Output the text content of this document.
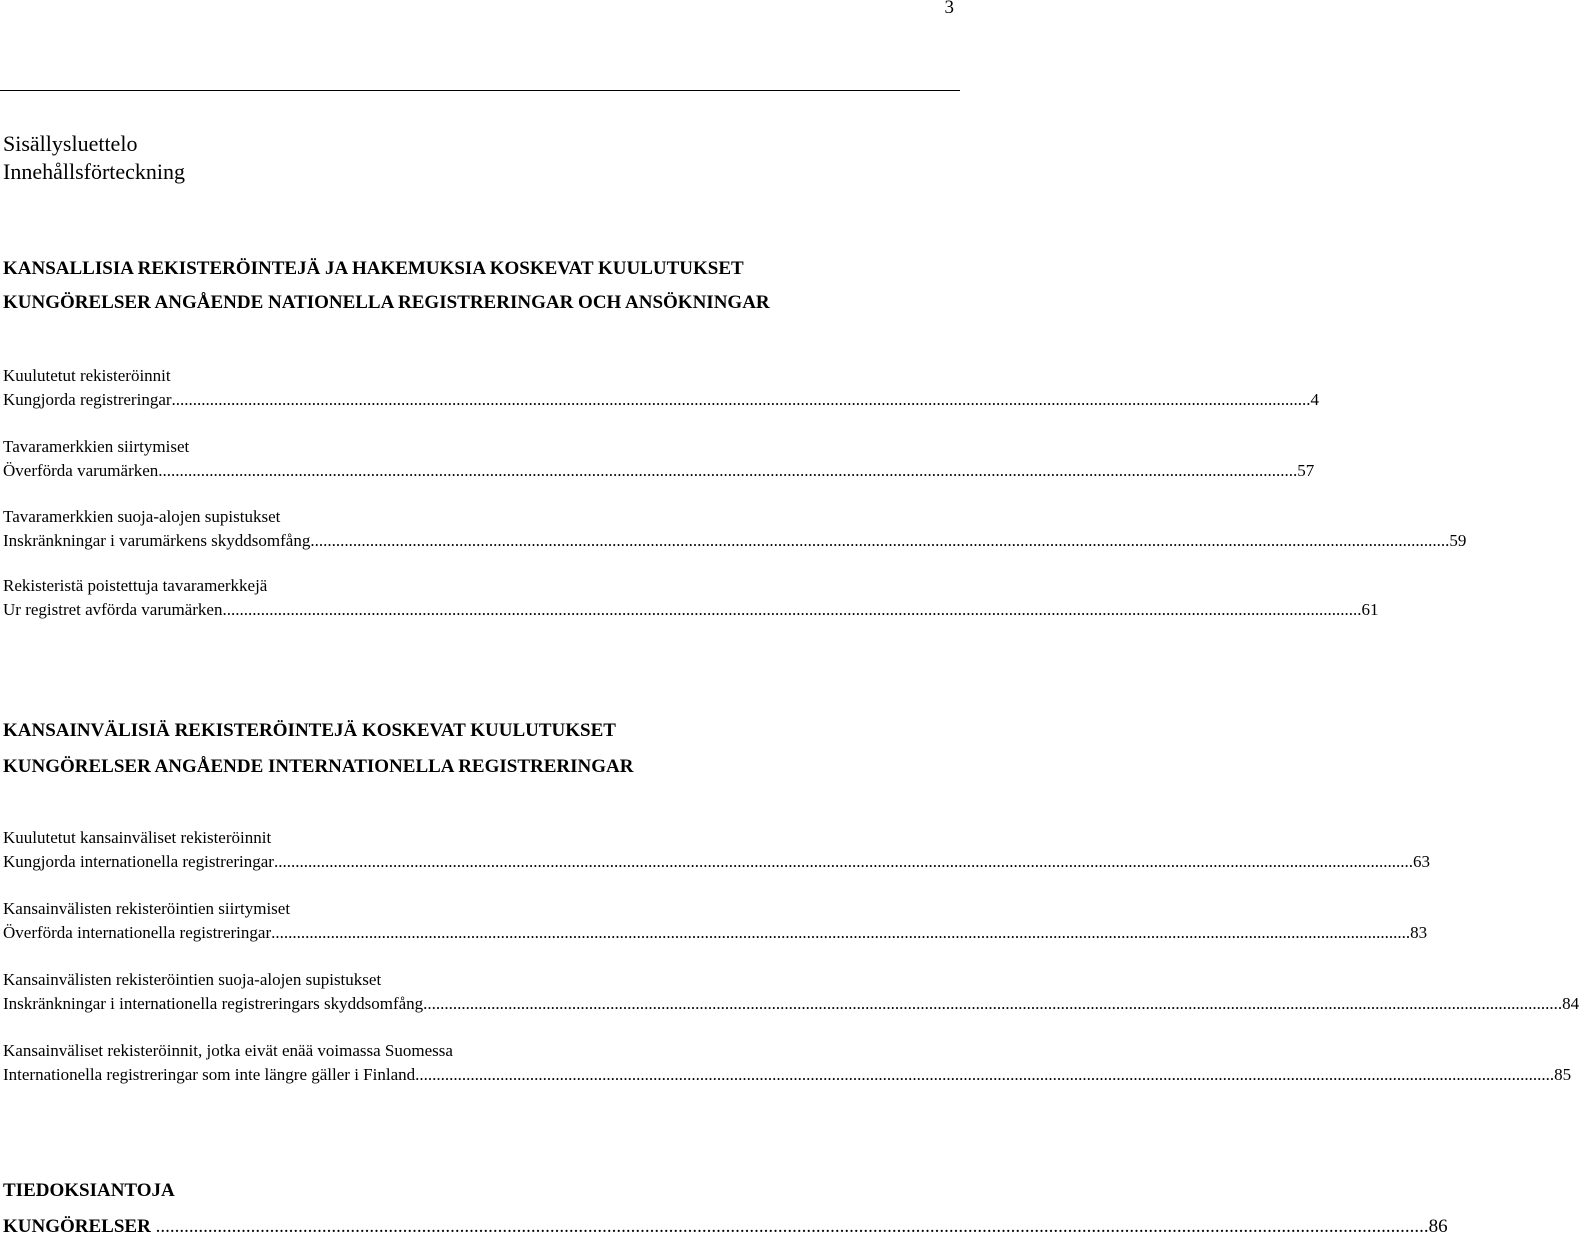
3
Sisällysluettelo
Innehållsförteckning
KANSALLISIA REKISTERÖINTEJÄ JA HAKEMUKSIA KOSKEVAT KUULUTUKSET
KUNGÖRELSER ANGÅENDE NATIONELLA REGISTRERINGAR OCH ANSÖKNINGAR
Kuulutetut rekisteröinnit
Kungjorda registreringar ............................................................................................................................................................................................................................................................................ 4
Tavaramerkkien siirtymiset
Överförda varumärken ............................................................................................................................................................................................................................................................................ 57
Tavaramerkkien suoja-alojen supistukset
Inskränkningar i varumärkens skyddsomfång ............................................................................................................................................................................................................................................................................ 59
Rekisteristä poistettuja tavaramerkkejä
Ur registret avförda varumärken ............................................................................................................................................................................................................................................................................ 61
KANSAINVÄLISIÄ REKISTERÖINTEJÄ KOSKEVAT KUULUTUKSET
KUNGÖRELSER ANGÅENDE INTERNATIONELLA REGISTRERINGAR
Kuulutetut kansainväliset rekisteröinnit
Kungjorda internationella registreringar ............................................................................................................................................................................................................................................................................ 63
Kansainvälisten rekisteröintien siirtymiset
Överförda internationella registreringar ............................................................................................................................................................................................................................................................................ 83
Kansainvälisten rekisteröintien suoja-alojen supistukset
Inskränkningar i internationella registreringars skyddsomfång ............................................................................................................................................................................................................................................................................ 84
Kansainväliset rekisteröinnit, jotka eivät enää voimassa Suomessa
Internationella registreringar som inte längre gäller i Finland ............................................................................................................................................................................................................................................................................ 85
TIEDOKSIANTOJA
KUNGÖRELSER ............................................................................................................................................................................................................................................................................ 86
